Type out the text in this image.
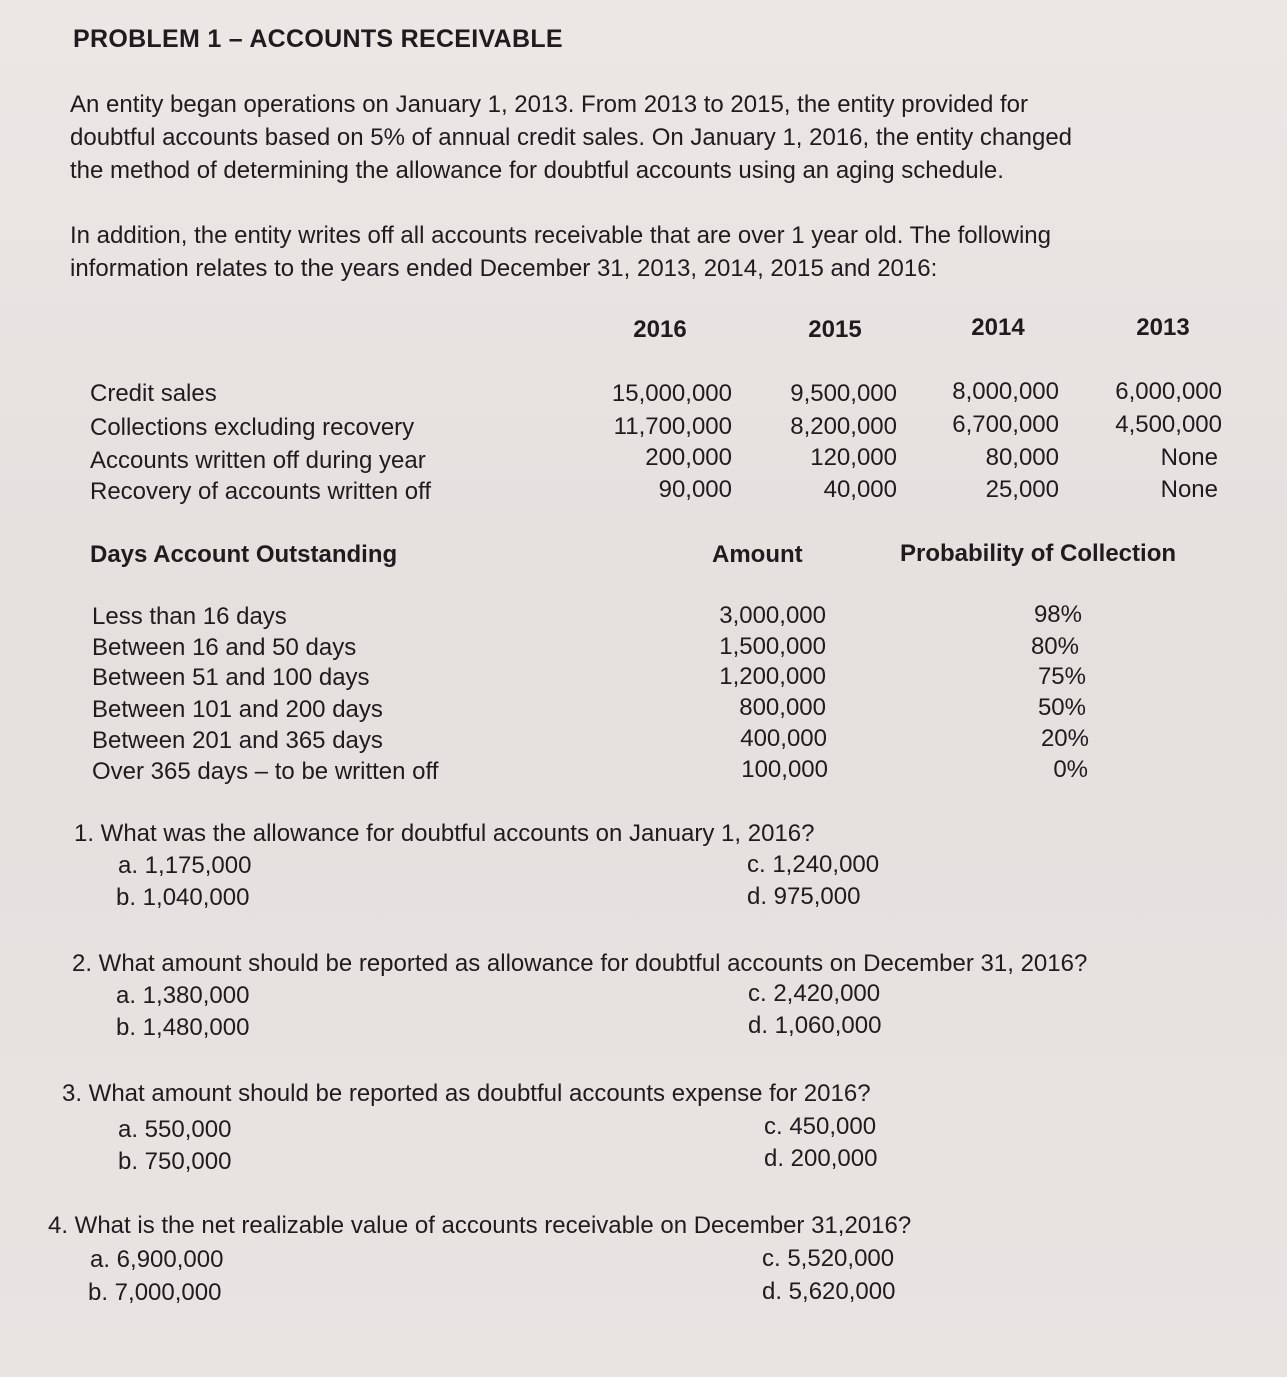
PROBLEM 1 – ACCOUNTS RECEIVABLE
An entity began operations on January 1, 2013. From 2013 to 2015, the entity provided for
doubtful accounts based on 5% of annual credit sales. On January 1, 2016, the entity changed
the method of determining the allowance for doubtful accounts using an aging schedule.
In addition, the entity writes off all accounts receivable that are over 1 year old. The following
information relates to the years ended December 31, 2013, 2014, 2015 and 2016:
2016	2015	2014	2013
Credit sales	15,000,000	9,500,000	8,000,000	6,000,000
Collections excluding recovery	11,700,000	8,200,000	6,700,000	4,500,000
Accounts written off during year	200,000	120,000	80,000	None
Recovery of accounts written off	90,000	40,000	25,000	None
Days Account Outstanding	Amount	Probability of Collection
Less than 16 days	3,000,000	98%
Between 16 and 50 days	1,500,000	80%
Between 51 and 100 days	1,200,000	75%
Between 101 and 200 days	800,000	50%
Between 201 and 365 days	400,000	20%
Over 365 days – to be written off	100,000	0%
1. What was the allowance for doubtful accounts on January 1, 2016?
a. 1,175,000
b. 1,040,000
c. 1,240,000
d. 975,000
2. What amount should be reported as allowance for doubtful accounts on December 31, 2016?
a. 1,380,000
b. 1,480,000
c. 2,420,000
d. 1,060,000
3. What amount should be reported as doubtful accounts expense for 2016?
a. 550,000
b. 750,000
c. 450,000
d. 200,000
4. What is the net realizable value of accounts receivable on December 31,2016?
a. 6,900,000
b. 7,000,000
c. 5,520,000
d. 5,620,000
